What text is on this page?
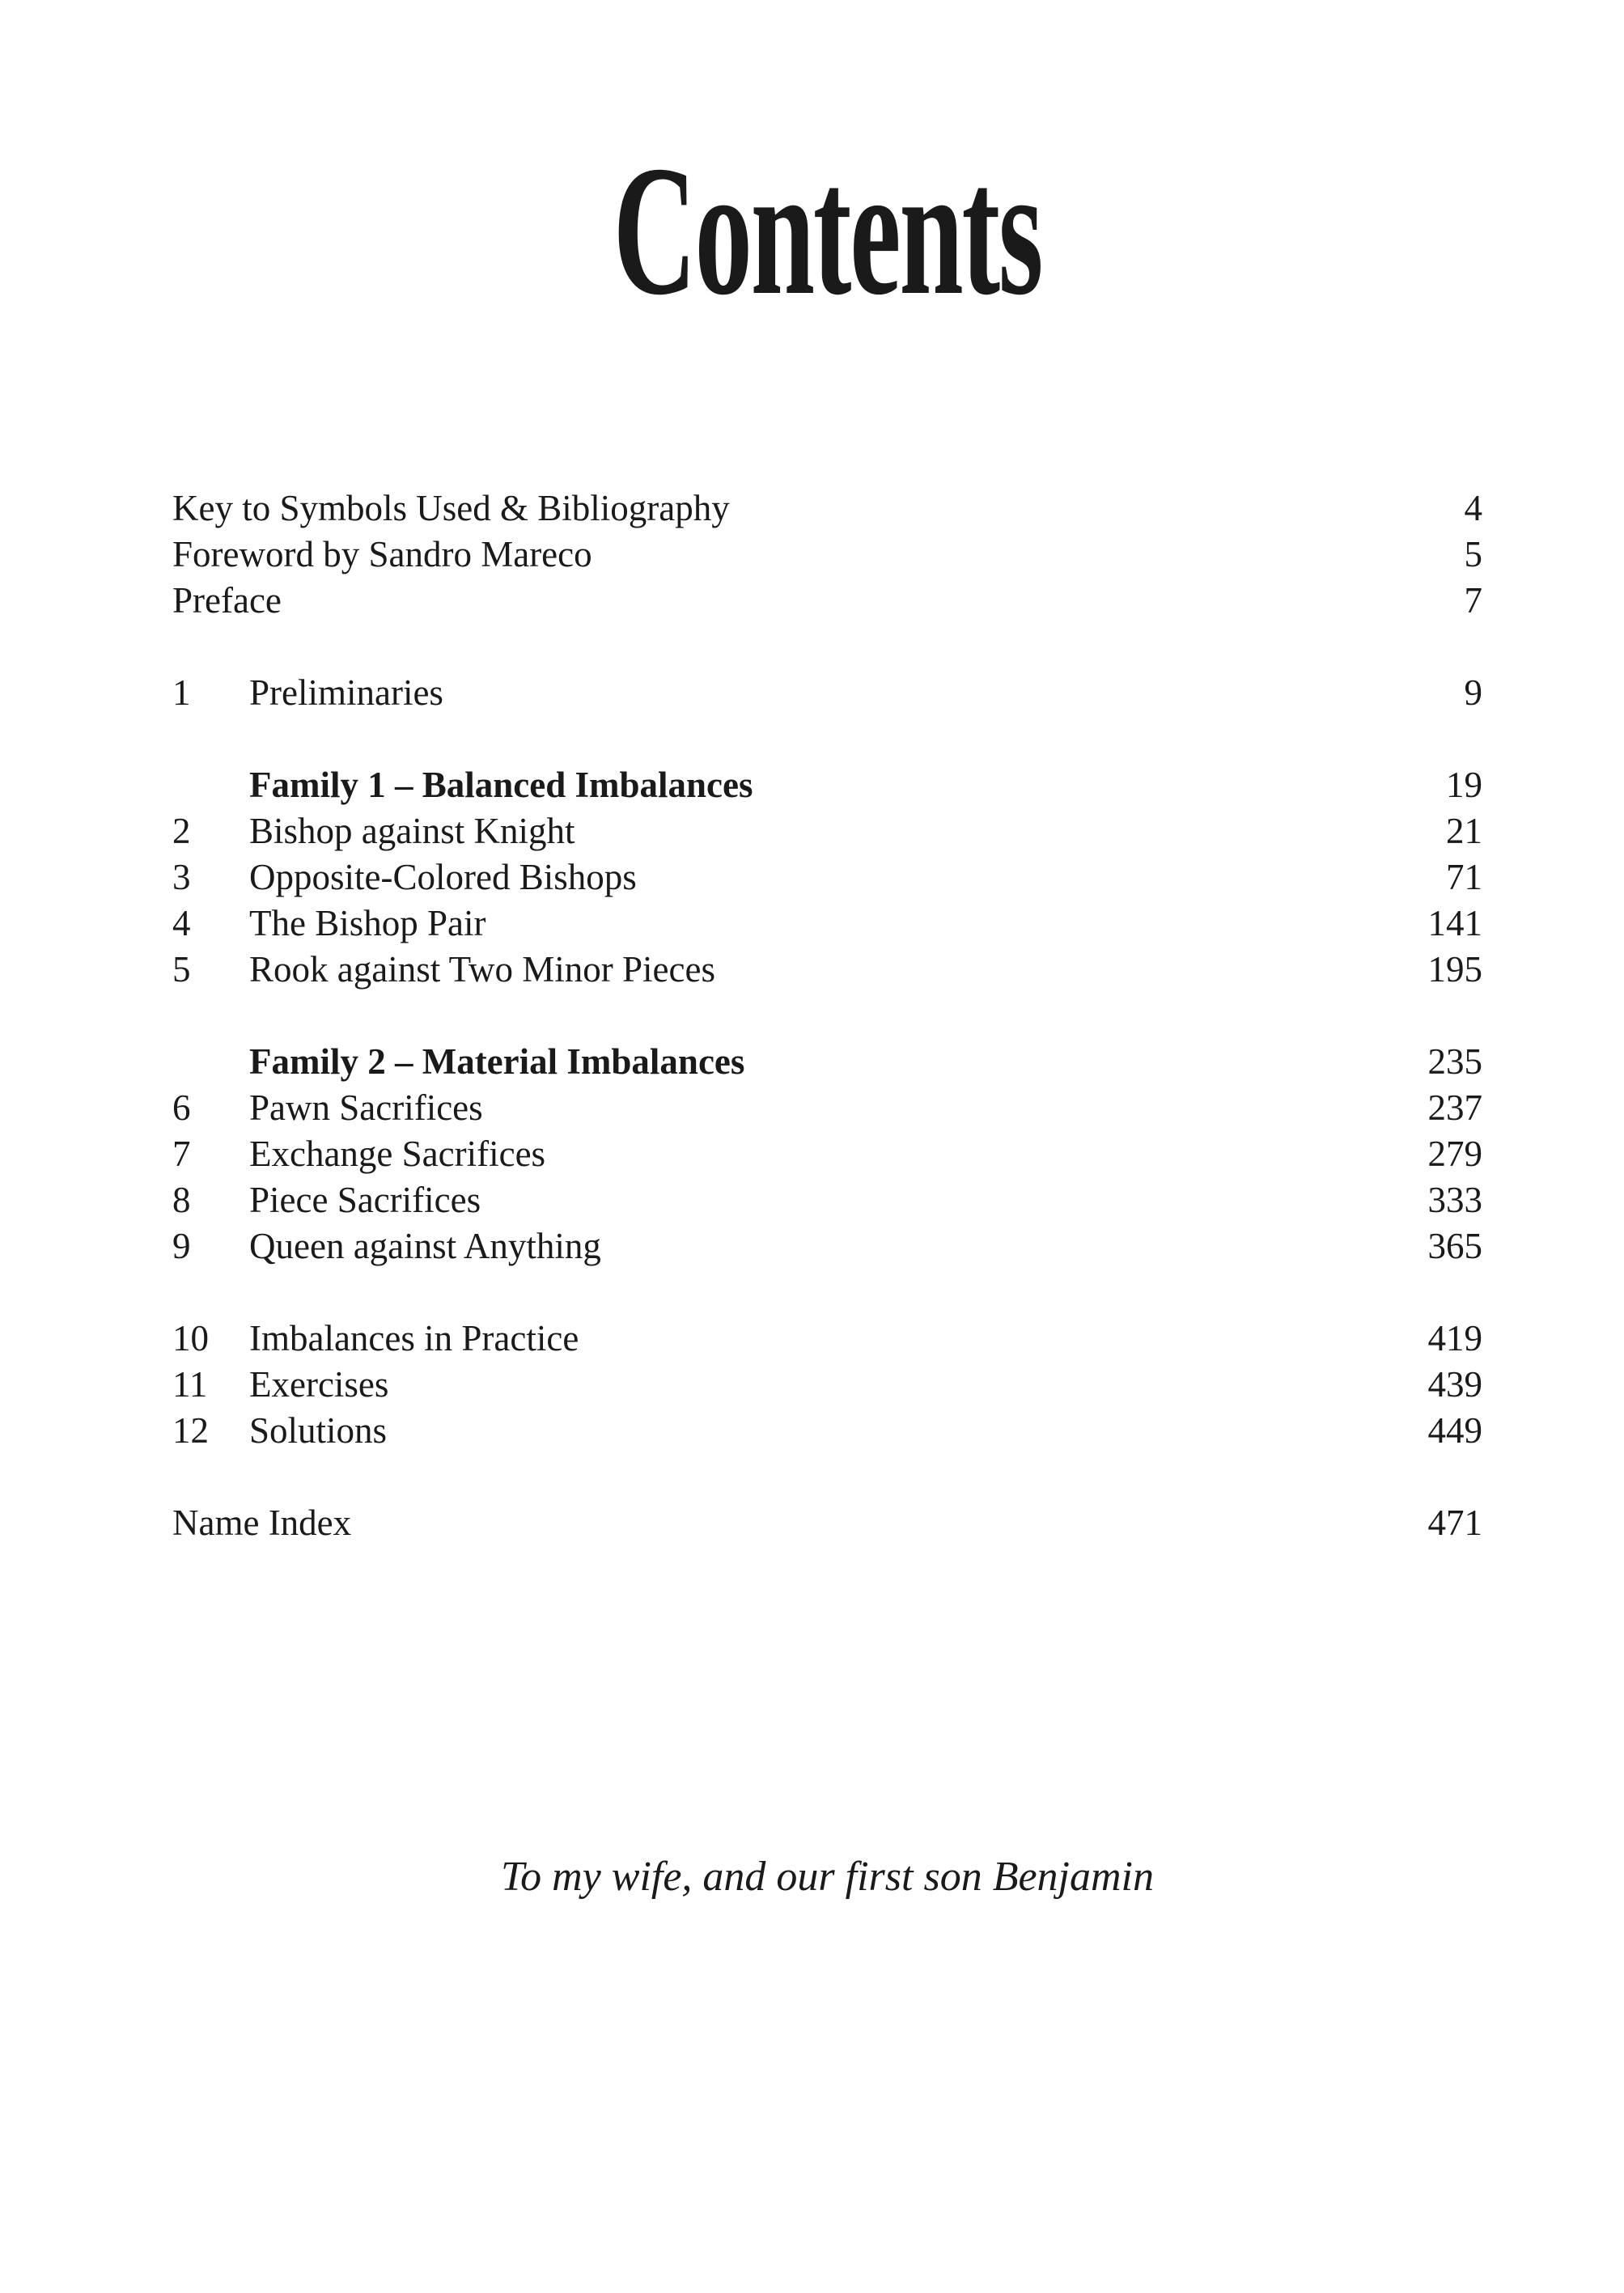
Contents
Key to Symbols Used & Bibliography	4
Foreword by Sandro Mareco	5
Preface	7
1	Preliminaries	9
Family 1 – Balanced Imbalances	19
2	Bishop against Knight	21
3	Opposite-Colored Bishops	71
4	The Bishop Pair	141
5	Rook against Two Minor Pieces	195
Family 2 – Material Imbalances	235
6	Pawn Sacrifices	237
7	Exchange Sacrifices	279
8	Piece Sacrifices	333
9	Queen against Anything	365
10	Imbalances in Practice	419
11	Exercises	439
12	Solutions	449
Name Index	471
To my wife, and our first son Benjamin
